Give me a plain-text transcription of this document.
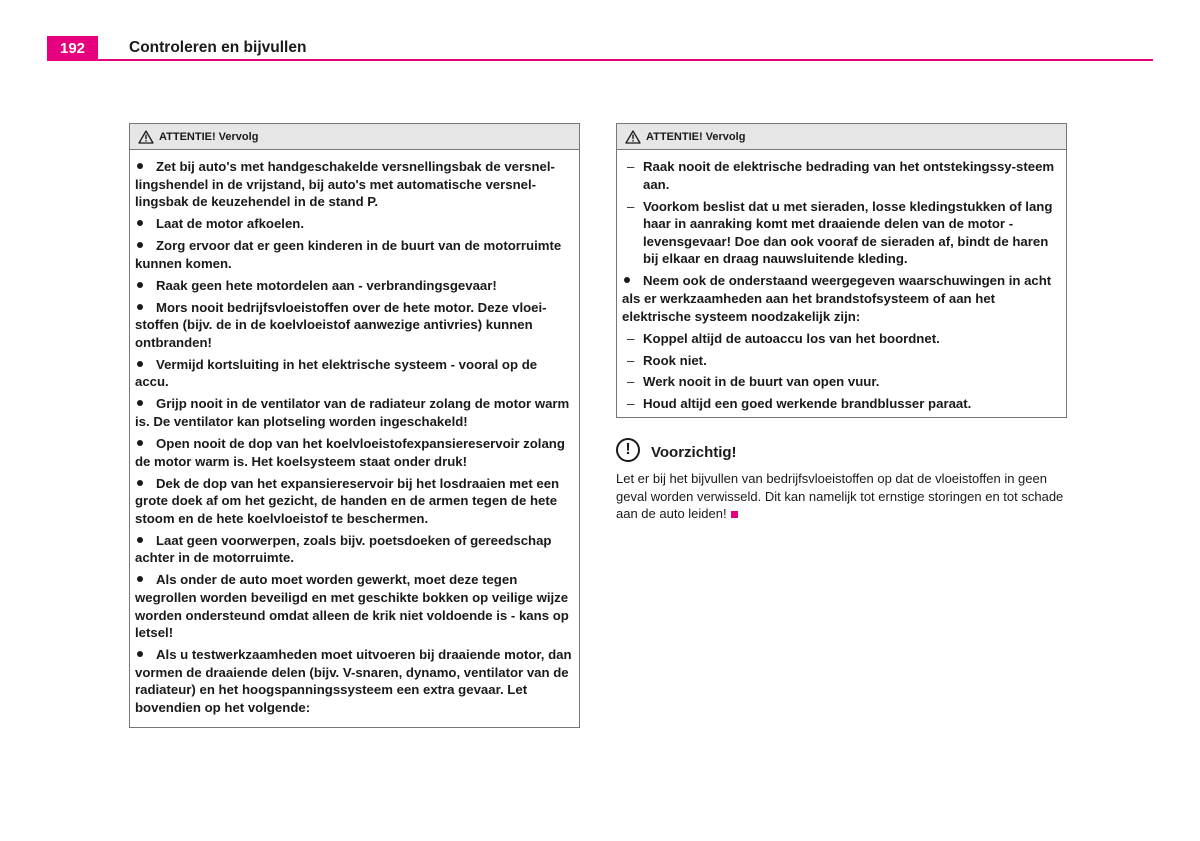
192	Controleren en bijvullen
ATTENTIE! Vervolg
Zet bij auto's met handgeschakelde versnellingsbak de versnel-lingshendel in de vrijstand, bij auto's met automatische versnel-lingsbak de keuzehendel in de stand P.
Laat de motor afkoelen.
Zorg ervoor dat er geen kinderen in de buurt van de motorruimte kunnen komen.
Raak geen hete motordelen aan - verbrandingsgevaar!
Mors nooit bedrijfsvloeistoffen over de hete motor. Deze vloei-stoffen (bijv. de in de koelvloeistof aanwezige antivries) kunnen ontbranden!
Vermijd kortsluiting in het elektrische systeem - vooral op de accu.
Grijp nooit in de ventilator van de radiateur zolang de motor warm is. De ventilator kan plotseling worden ingeschakeld!
Open nooit de dop van het koelvloeistofexpansiereservoir zolang de motor warm is. Het koelsysteem staat onder druk!
Dek de dop van het expansiereservoir bij het losdraaien met een grote doek af om het gezicht, de handen en de armen tegen de hete stoom en de hete koelvloeistof te beschermen.
Laat geen voorwerpen, zoals bijv. poetsdoeken of gereedschap achter in de motorruimte.
Als onder de auto moet worden gewerkt, moet deze tegen wegrollen worden beveiligd en met geschikte bokken op veilige wijze worden ondersteund omdat alleen de krik niet voldoende is - kans op letsel!
Als u testwerkzaamheden moet uitvoeren bij draaiende motor, dan vormen de draaiende delen (bijv. V-snaren, dynamo, ventilator van de radiateur) en het hoogspanningssysteem een extra gevaar. Let bovendien op het volgende:
ATTENTIE! Vervolg
– Raak nooit de elektrische bedrading van het ontstekingssy-steem aan.
– Voorkom beslist dat u met sieraden, losse kledingstukken of lang haar in aanraking komt met draaiende delen van de motor - levensgevaar! Doe dan ook vooraf de sieraden af, bindt de haren bij elkaar en draag nauwsluitende kleding.
Neem ook de onderstaand weergegeven waarschuwingen in acht als er werkzaamheden aan het brandstofsysteem of aan het elektrische systeem noodzakelijk zijn:
– Koppel altijd de autoaccu los van het boordnet.
– Rook niet.
– Werk nooit in de buurt van open vuur.
– Houd altijd een goed werkende brandblusser paraat.
!	Voorzichtig!
Let er bij het bijvullen van bedrijfsvloeistoffen op dat de vloeistoffen in geen geval worden verwisseld. Dit kan namelijk tot ernstige storingen en tot schade aan de auto leiden!
